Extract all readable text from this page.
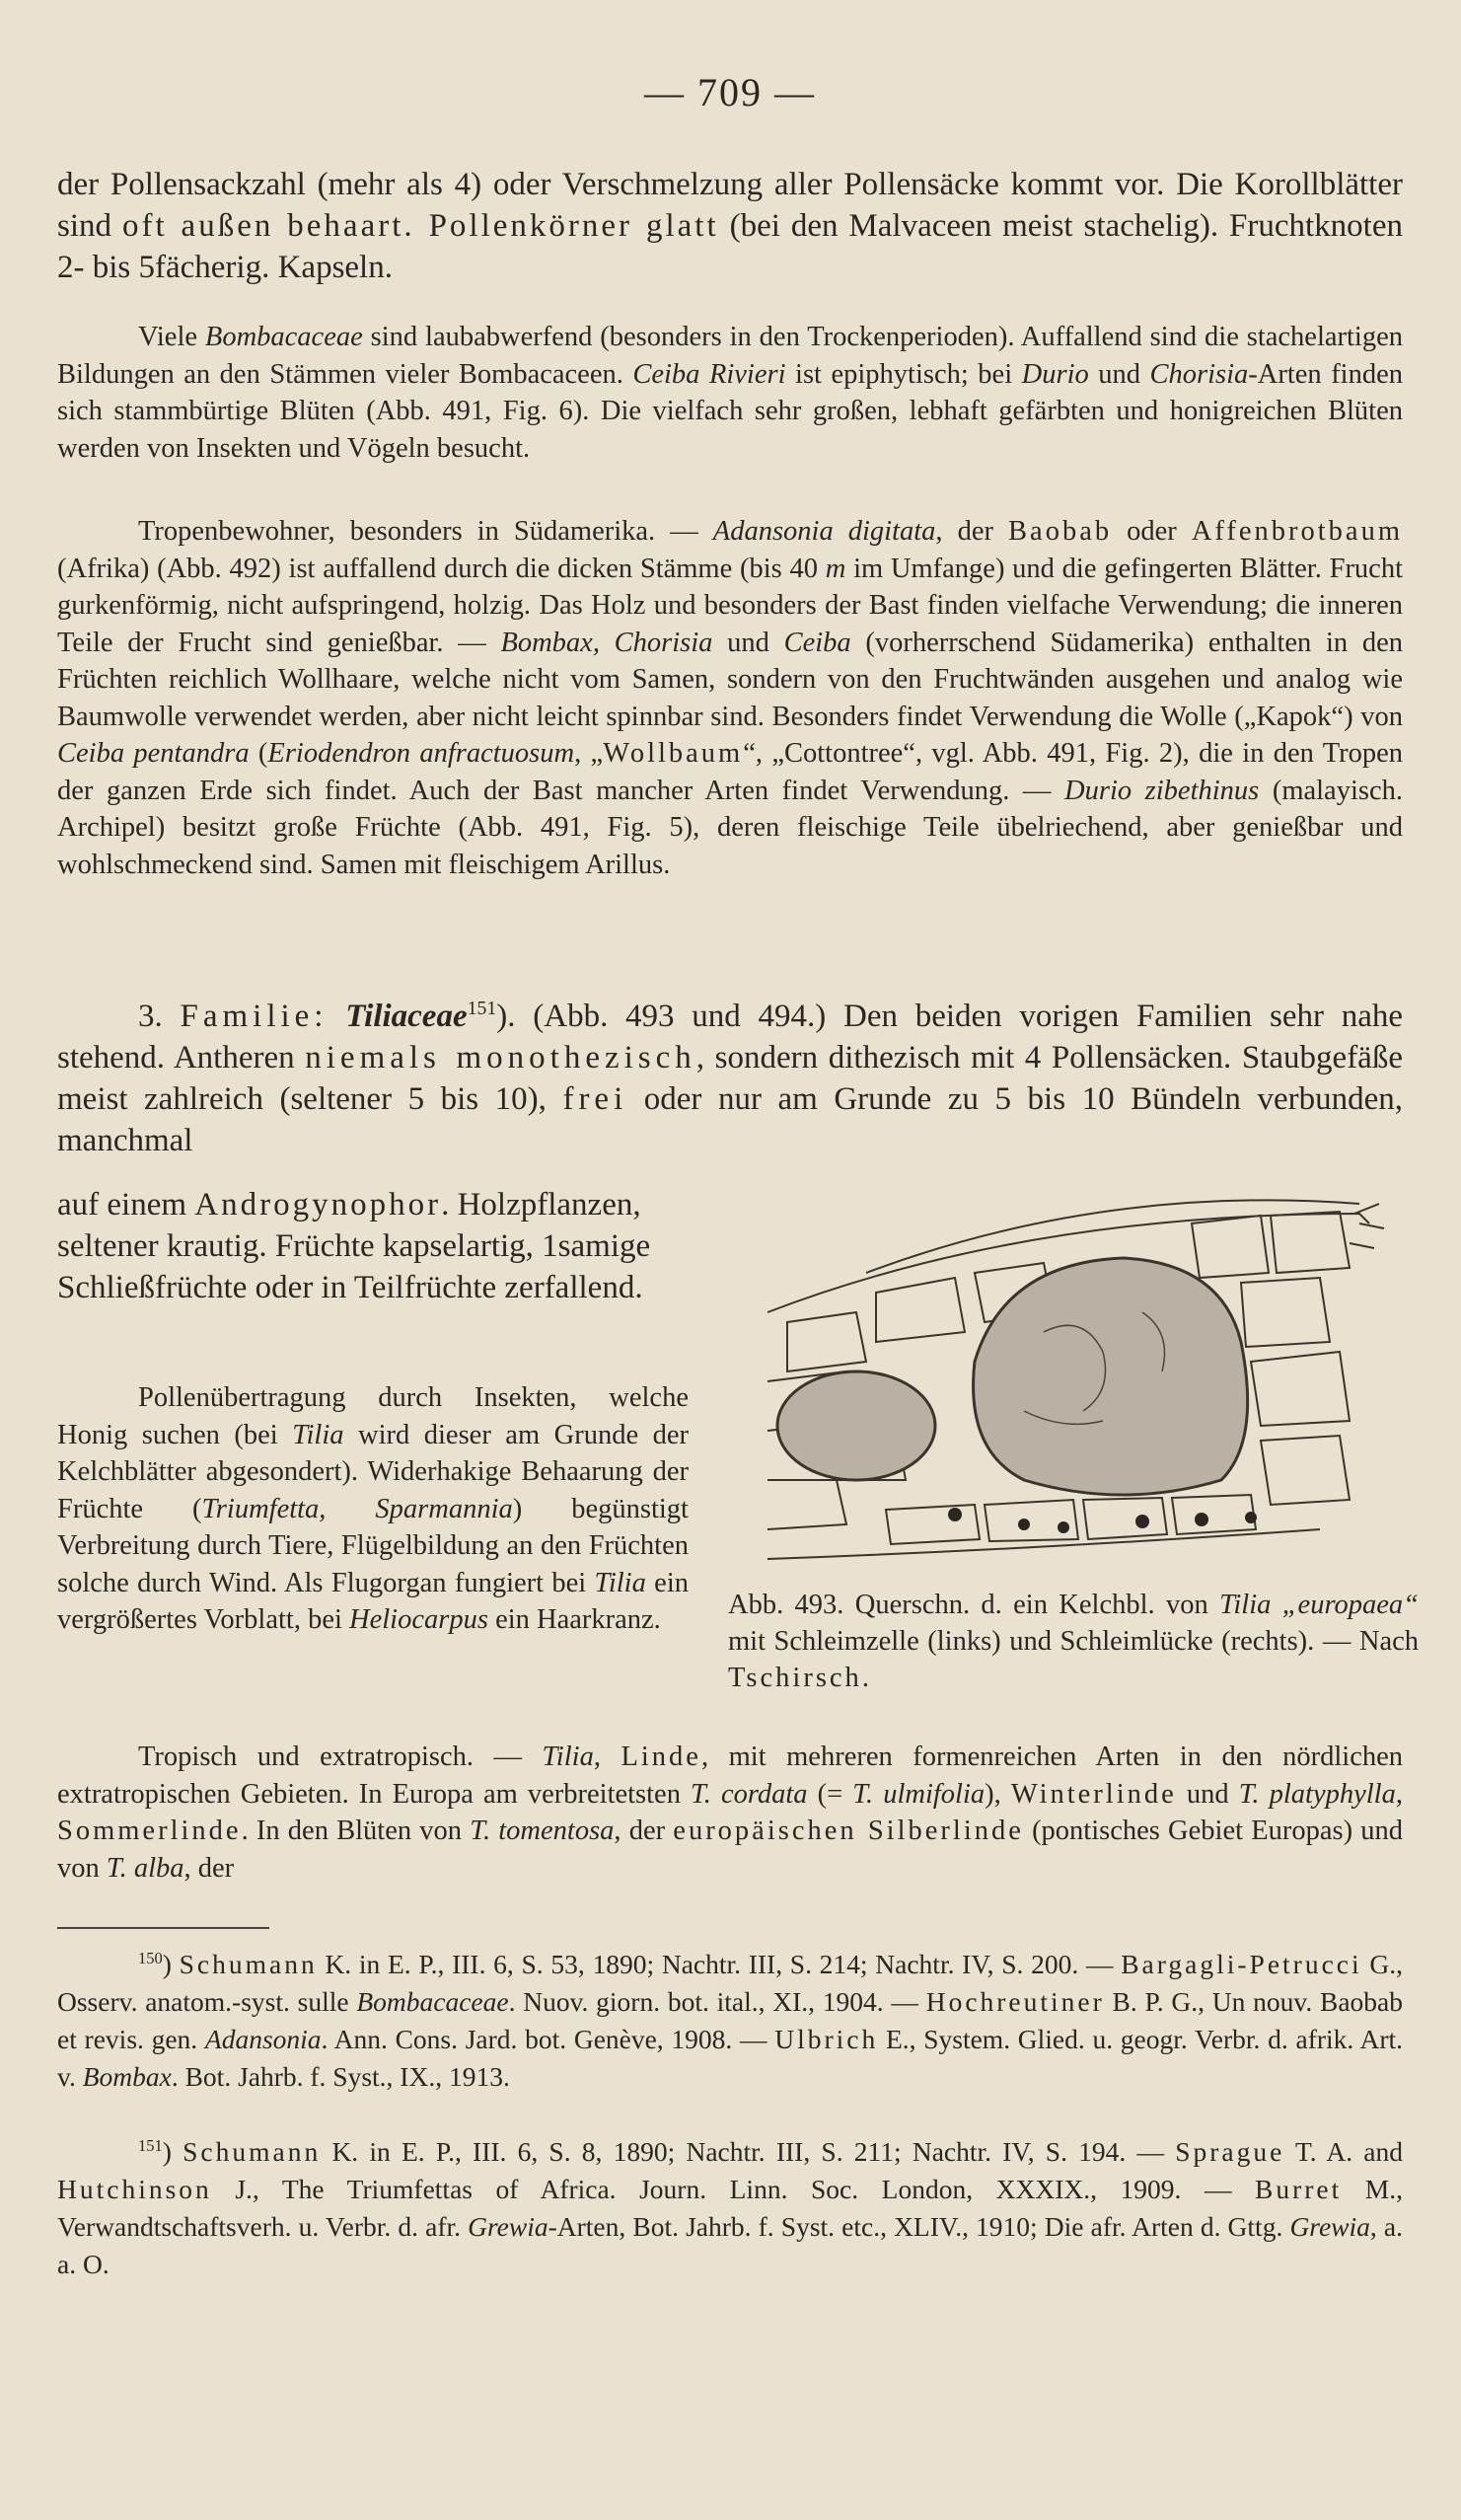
— 709 —

der Pollensackzahl (mehr als 4) oder Verschmelzung aller Pollensäcke kommt vor. Die Korollblätter sind oft außen behaart. Pollenkörner glatt (bei den Malvaceen meist stachelig). Fruchtknoten 2- bis 5fächerig. Kapseln.

Viele Bombacaceae sind laubabwerfend (besonders in den Trockenperioden). Auffallend sind die stachelartigen Bildungen an den Stämmen vieler Bombacaceen. Ceiba Rivieri ist epiphytisch; bei Durio und Chorisia-Arten finden sich stammbürtige Blüten (Abb. 491, Fig. 6). Die vielfach sehr großen, lebhaft gefärbten und honigreichen Blüten werden von Insekten und Vögeln besucht.

Tropenbewohner, besonders in Südamerika. — Adansonia digitata, der Baobab oder Affenbrotbaum (Afrika) (Abb. 492) ist auffallend durch die dicken Stämme (bis 40 m im Umfange) und die gefingerten Blätter. Frucht gurkenförmig, nicht aufspringend, holzig. Das Holz und besonders der Bast finden vielfache Verwendung; die inneren Teile der Frucht sind genießbar. — Bombax, Chorisia und Ceiba (vorherrschend Südamerika) enthalten in den Früchten reichlich Wollhaare, welche nicht vom Samen, sondern von den Fruchtwänden ausgehen und analog wie Baumwolle verwendet werden, aber nicht leicht spinnbar sind. Besonders findet Verwendung die Wolle („Kapok“) von Ceiba pentandra (Eriodendron anfractuosum, „Wollbaum“, „Cottontree“, vgl. Abb. 491, Fig. 2), die in den Tropen der ganzen Erde sich findet. Auch der Bast mancher Arten findet Verwendung. — Durio zibethinus (malayisch. Archipel) besitzt große Früchte (Abb. 491, Fig. 5), deren fleischige Teile übelriechend, aber genießbar und wohlschmeckend sind. Samen mit fleischigem Arillus.

3. Familie: Tiliaceae$^{151}$). (Abb. 493 und 494.) Den beiden vorigen Familien sehr nahe stehend. Antheren niemals monothezisch, sondern dithezisch mit 4 Pollensäcken. Staubgefäße meist zahlreich (seltener 5 bis 10), frei oder nur am Grunde zu 5 bis 10 Bündeln verbunden, manchmal

auf einem Androgynophor. Holzpflanzen, seltener krautig. Früchte kapselartig, 1samige Schließfrüchte oder in Teilfrüchte zerfallend.

Pollenübertragung durch Insekten, welche Honig suchen (bei Tilia wird dieser am Grunde der Kelchblätter abgesondert). Widerhakige Behaarung der Früchte (Triumfetta, Sparmannia) begünstigt Verbreitung durch Tiere, Flügelbildung an den Früchten solche durch Wind. Als Flugorgan fungiert bei Tilia ein vergrößertes Vorblatt, bei Heliocarpus ein Haarkranz.	Abb. 493. Querschn. d. ein Kelchbl. von Tilia „europaea“ mit Schleimzelle (links) und Schleimlücke (rechts). — Nach Tschirsch.

Tropisch und extratropisch. — Tilia, Linde, mit mehreren formenreichen Arten in den nördlichen extratropischen Gebieten. In Europa am verbreitetsten T. cordata (= T. ulmifolia), Winterlinde und T. platyphylla, Sommerlinde. In den Blüten von T. tomentosa, der europäischen Silberlinde (pontisches Gebiet Europas) und von T. alba, der

$^{150}$) Schumann K. in E. P., III. 6, S. 53, 1890; Nachtr. III, S. 214; Nachtr. IV, S. 200. — Bargagli-Petrucci G., Osserv. anatom.-syst. sulle Bombacaceae. Nuov. giorn. bot. ital., XI., 1904. — Hochreutiner B. P. G., Un nouv. Baobab et revis. gen. Adansonia. Ann. Cons. Jard. bot. Genève, 1908. — Ulbrich E., System. Glied. u. geogr. Verbr. d. afrik. Art. v. Bombax. Bot. Jahrb. f. Syst., IX., 1913.

$^{151}$) Schumann K. in E. P., III. 6, S. 8, 1890; Nachtr. III, S. 211; Nachtr. IV, S. 194. — Sprague T. A. and Hutchinson J., The Triumfettas of Africa. Journ. Linn. Soc. London, XXXIX., 1909. — Burret M., Verwandtschaftsverh. u. Verbr. d. afr. Grewia-Arten, Bot. Jahrb. f. Syst. etc., XLIV., 1910; Die afr. Arten d. Gttg. Grewia, a. a. O.
